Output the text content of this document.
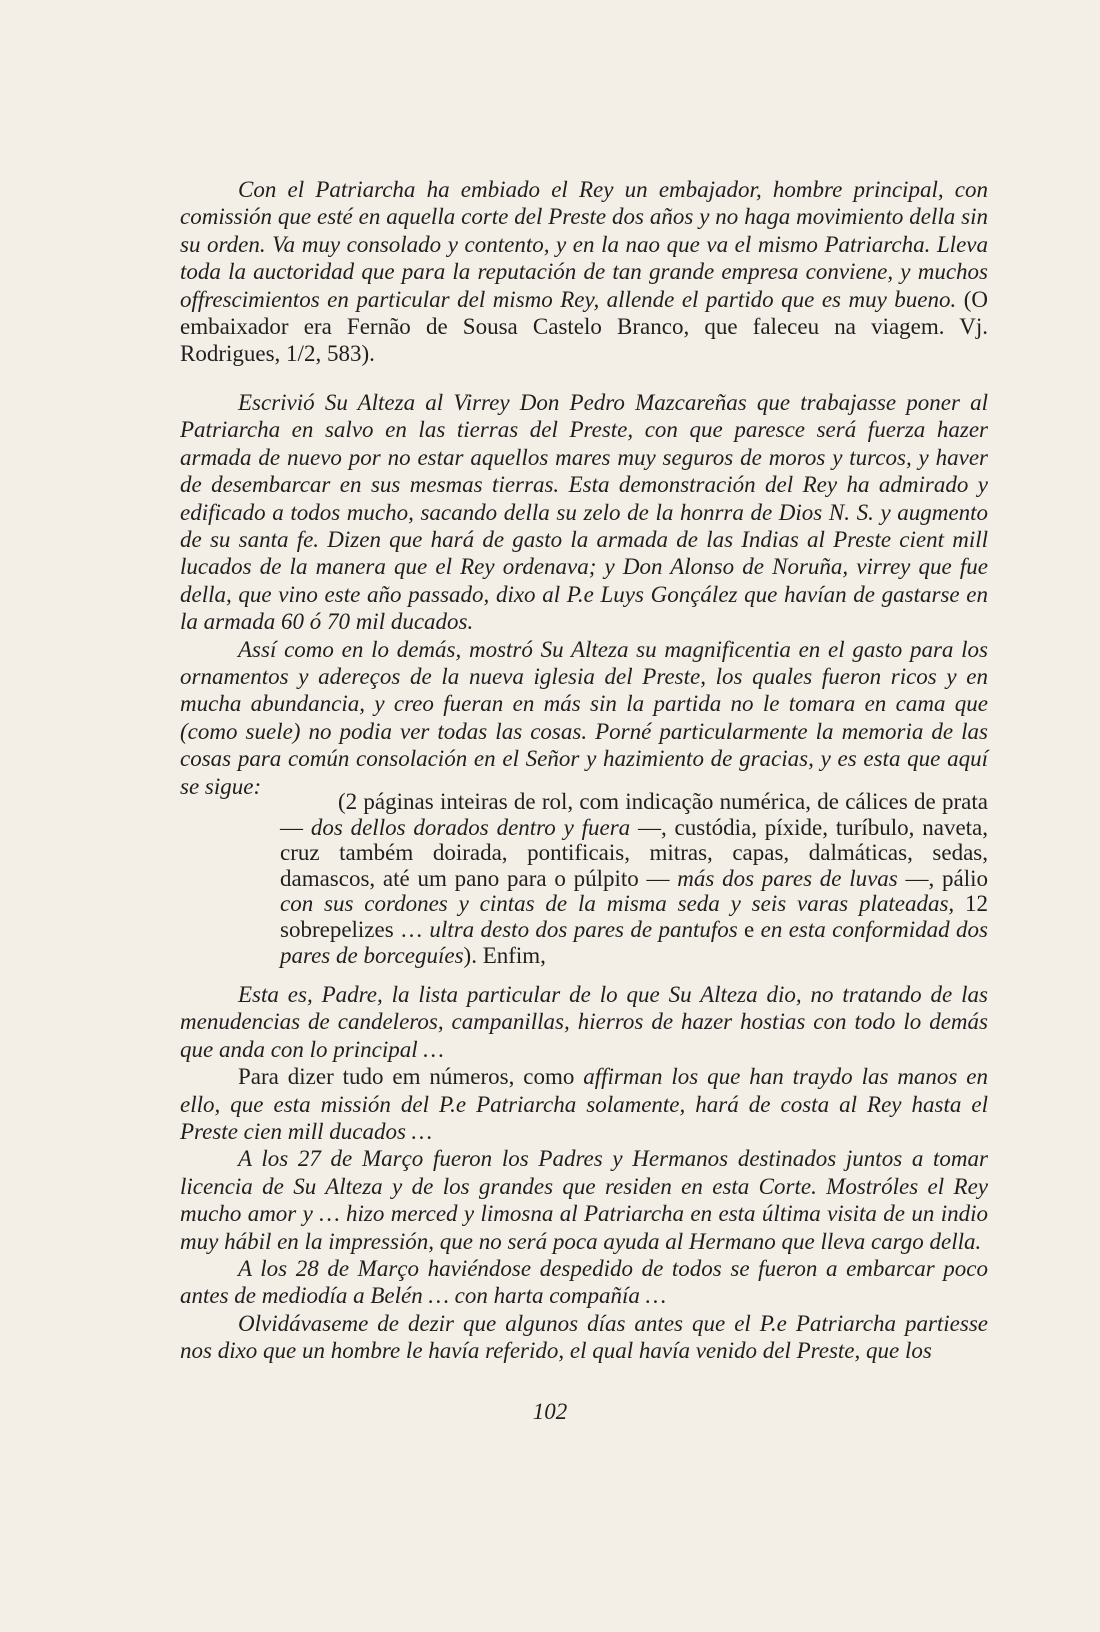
Con el Patriarcha ha embiado el Rey un embajador, hombre principal, con comissión que esté en aquella corte del Preste dos años y no haga movimiento della sin su orden. Va muy consolado y contento, y en la nao que va el mismo Patriarcha. Lleva toda la auctoridad que para la reputación de tan grande empresa conviene, y muchos offrescimientos en particular del mismo Rey, allende el partido que es muy bueno. (O embaixador era Fernão de Sousa Castelo Branco, que faleceu na viagem. Vj. Rodrigues, 1/2, 583).

Escrivió Su Alteza al Virrey Don Pedro Mazcareñas que trabajasse poner al Patriarcha en salvo en las tierras del Preste, con que paresce será fuerza hazer armada de nuevo por no estar aquellos mares muy seguros de moros y turcos, y haver de desembarcar en sus mesmas tierras. Esta demonstración del Rey ha admirado y edificado a todos mucho, sacando della su zelo de la honrra de Dios N. S. y augmento de su santa fe. Dizen que hará de gasto la armada de las Indias al Preste cient mill lucados de la manera que el Rey ordenava; y Don Alonso de Noruña, virrey que fue della, que vino este año passado, dixo al P.e Luys Gonçález que havían de gastarse en la armada 60 ó 70 mil ducados.

Assí como en lo demás, mostró Su Alteza su magnificentia en el gasto para los ornamentos y adereços de la nueva iglesia del Preste, los quales fueron ricos y en mucha abundancia, y creo fueran en más sin la partida no le tomara en cama que (como suele) no podia ver todas las cosas. Porné particularmente la memoria de las cosas para común consolación en el Señor y hazimiento de gracias, y es esta que aquí se sigue:

(2 páginas inteiras de rol, com indicação numérica, de cálices de prata — dos dellos dorados dentro y fuera —, custódia, píxide, turíbulo, naveta, cruz também doirada, pontificais, mitras, capas, dalmáticas, sedas, damascos, até um pano para o púlpito — más dos pares de luvas —, pálio con sus cordones y cintas de la misma seda y seis varas plateadas, 12 sobrepelizes … ultra desto dos pares de pantufos e en esta conformidad dos pares de borceguíes). Enfim,

Esta es, Padre, la lista particular de lo que Su Alteza dio, no tratando de las menudencias de candeleros, campanillas, hierros de hazer hostias con todo lo demás que anda con lo principal …

Para dizer tudo em números, como affirman los que han traydo las manos en ello, que esta missión del P.e Patriarcha solamente, hará de costa al Rey hasta el Preste cien mill ducados …

A los 27 de Março fueron los Padres y Hermanos destinados juntos a tomar licencia de Su Alteza y de los grandes que residen en esta Corte. Mostróles el Rey mucho amor y … hizo merced y limosna al Patriarcha en esta última visita de un indio muy hábil en la impressión, que no será poca ayuda al Hermano que lleva cargo della.

A los 28 de Março haviéndose despedido de todos se fueron a embarcar poco antes de mediodía a Belén … con harta compañía …

Olvidávaseme de dezir que algunos días antes que el P.e Patriarcha partiesse nos dixo que un hombre le havía referido, el qual havía venido del Preste, que los

102
